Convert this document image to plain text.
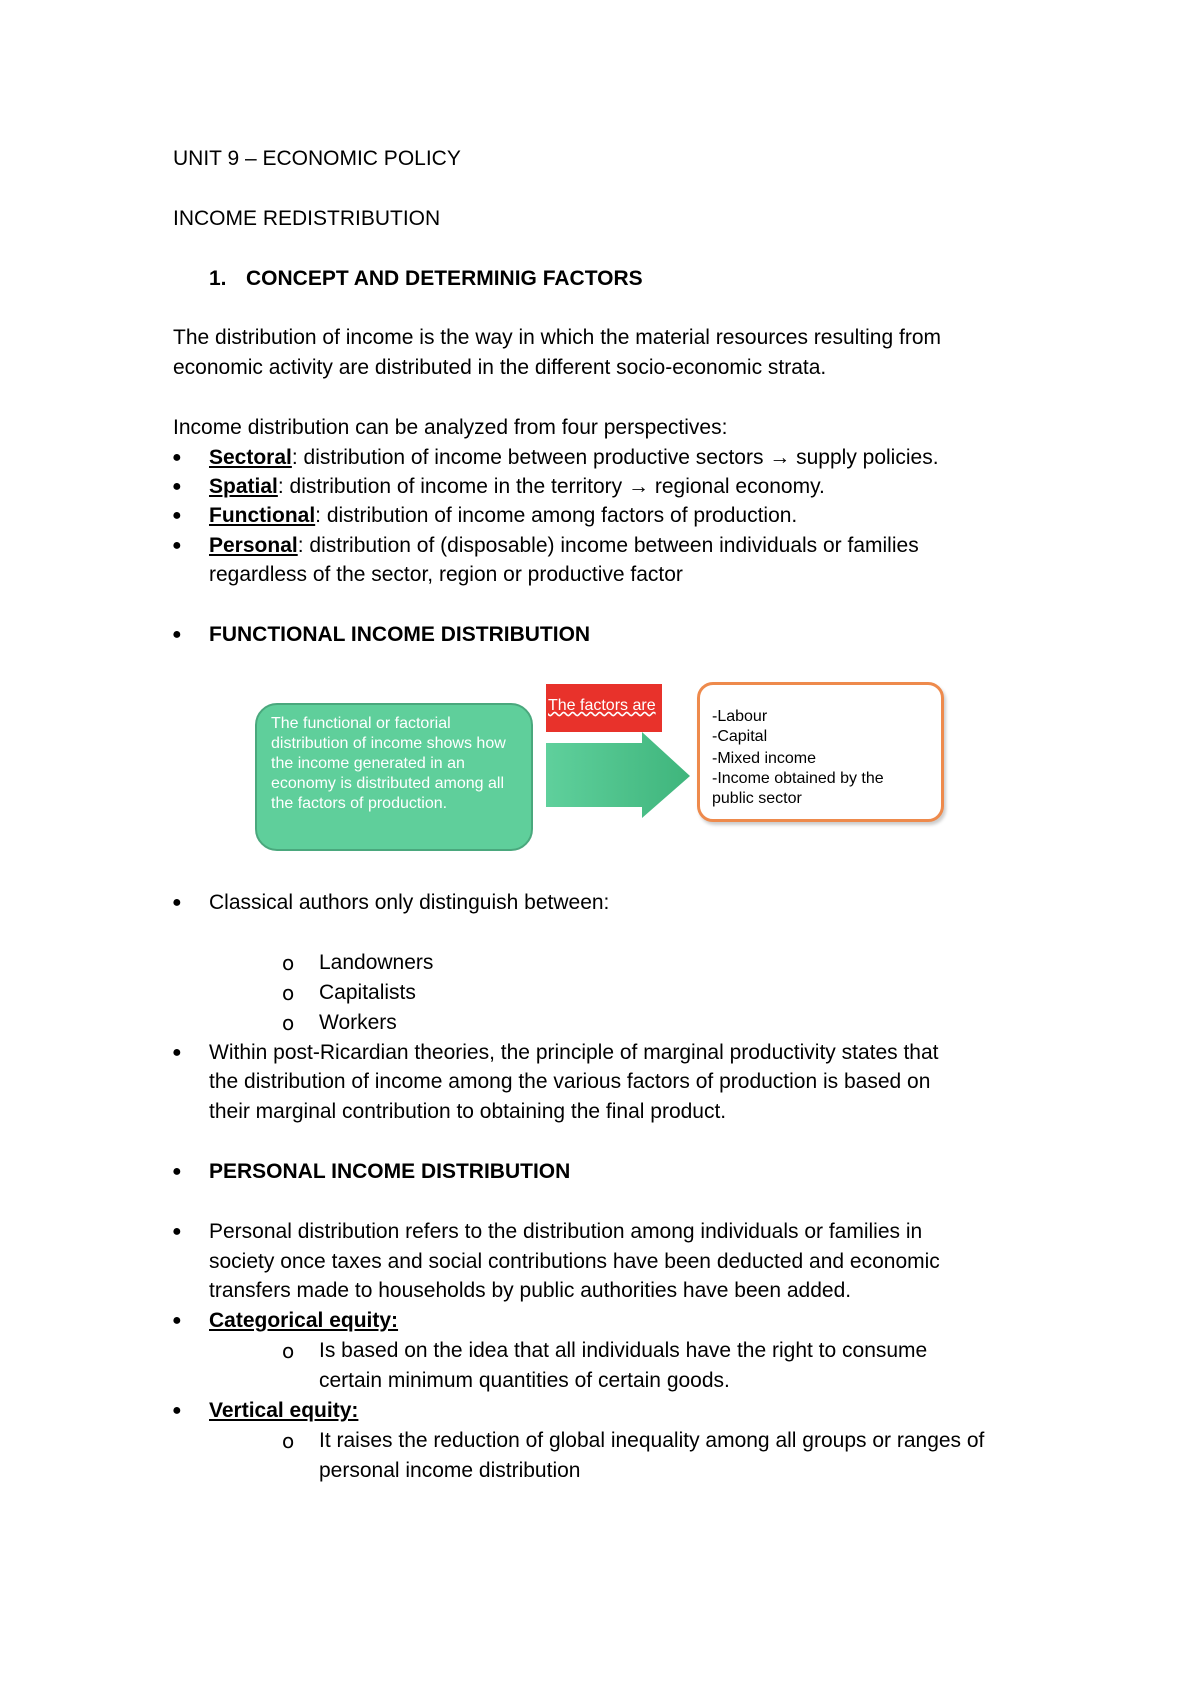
UNIT 9 – ECONOMIC POLICY
INCOME REDISTRIBUTION
1. CONCEPT AND DETERMINIG FACTORS
The distribution of income is the way in which the material resources resulting from
economic activity are distributed in the different socio-economic strata.
Income distribution can be analyzed from four perspectives:
● Sectoral: distribution of income between productive sectors → supply policies.
● Spatial: distribution of income in the territory → regional economy.
● Functional: distribution of income among factors of production.
● Personal: distribution of (disposable) income between individuals or families
regardless of the sector, region or productive factor
● FUNCTIONAL INCOME DISTRIBUTION
The functional or factorial distribution of income shows how the income generated in an economy is distributed among all the factors of production.
The factors are
-Labour
-Capital
-Mixed income
-Income obtained by the
public sector
● Classical authors only distinguish between:
o Landowners
o Capitalists
o Workers
● Within post-Ricardian theories, the principle of marginal productivity states that
the distribution of income among the various factors of production is based on
their marginal contribution to obtaining the final product.
● PERSONAL INCOME DISTRIBUTION
● Personal distribution refers to the distribution among individuals or families in
society once taxes and social contributions have been deducted and economic
transfers made to households by public authorities have been added.
● Categorical equity:
o Is based on the idea that all individuals have the right to consume
certain minimum quantities of certain goods.
● Vertical equity:
o It raises the reduction of global inequality among all groups or ranges of
personal income distribution
